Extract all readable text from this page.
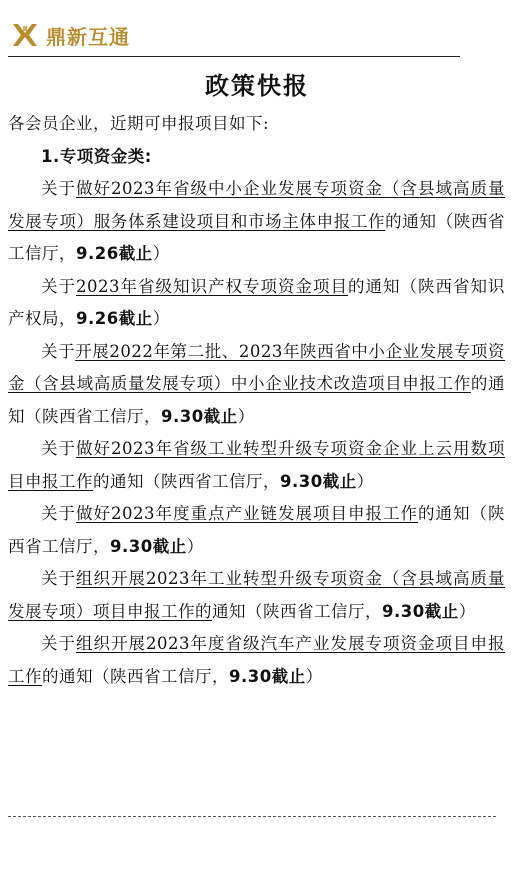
鼎新互通
政策快报

各会员企业，近期可申报项目如下:

1.专项资金类:

关于做好2023年省级中小企业发展专项资金（含县域高质量发展专项）服务体系建设项目和市场主体申报工作的通知（陕西省工信厅，9.26截止）

关于2023年省级知识产权专项资金项目的通知（陕西省知识产权局，9.26截止）

关于开展2022年第二批、2023年陕西省中小企业发展专项资金（含县域高质量发展专项）中小企业技术改造项目申报工作的通知（陕西省工信厅，9.30截止）

关于做好2023年省级工业转型升级专项资金企业上云用数项目申报工作的通知（陕西省工信厅，9.30截止）

关于做好2023年度重点产业链发展项目申报工作的通知（陕西省工信厅，9.30截止）

关于组织开展2023年工业转型升级专项资金（含县域高质量发展专项）项目申报工作的通知（陕西省工信厅，9.30截止）

关于组织开展2023年度省级汽车产业发展专项资金项目申报工作的通知（陕西省工信厅，9.30截止）
